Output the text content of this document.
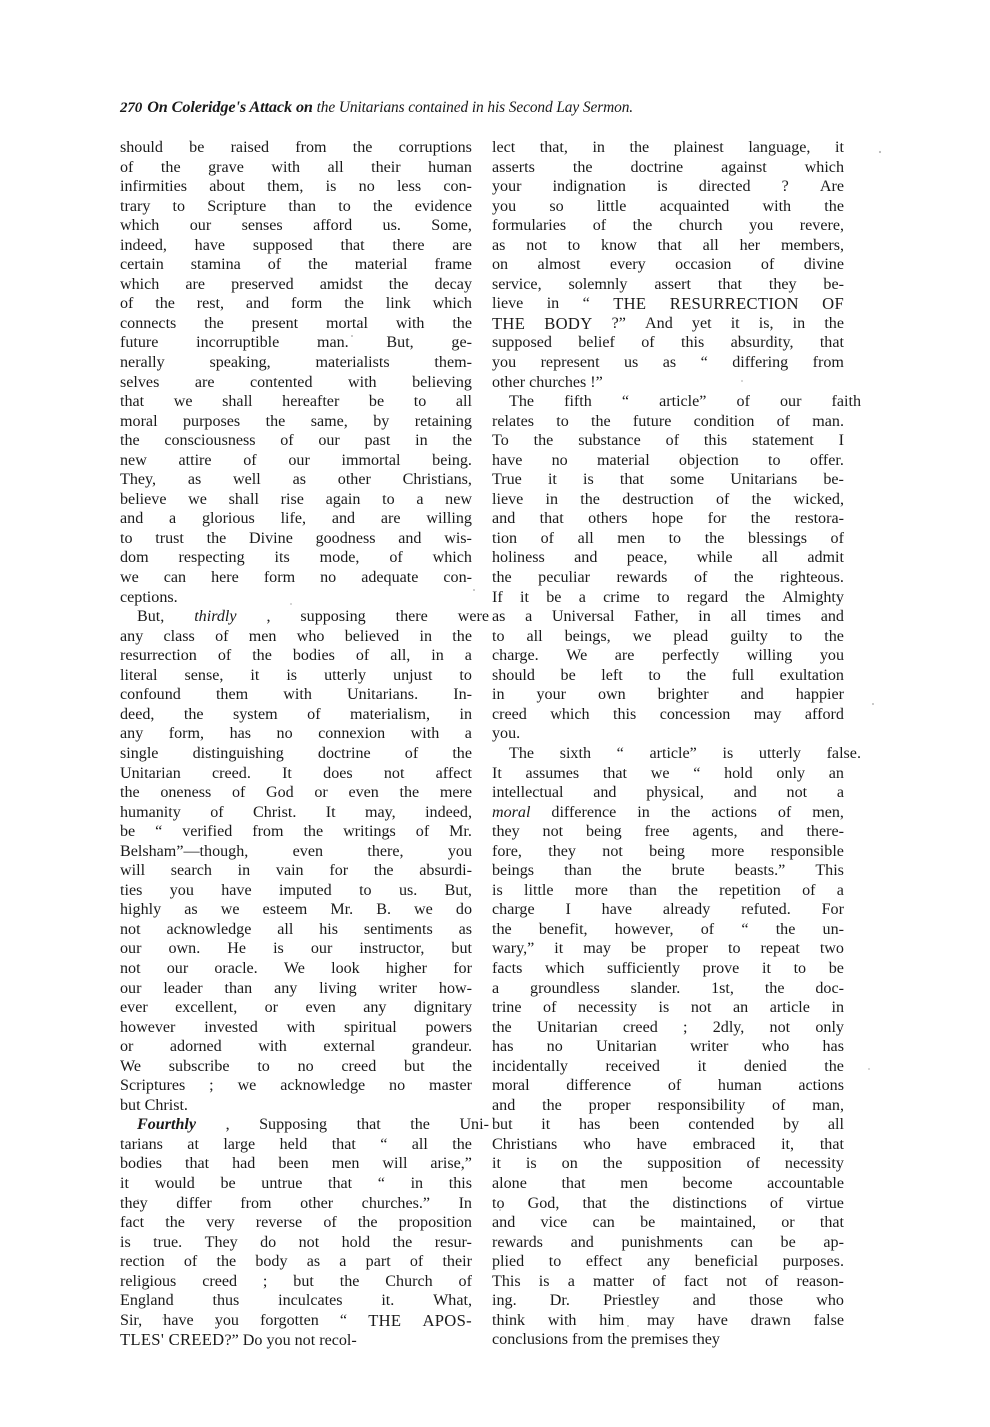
270 On Coleridge's Attack on the Unitarians contained in his Second Lay Sermon.
should be raised from the corruptions
of the grave with all their human
infirmities about them, is no less con-
trary to Scripture than to the evidence
which our senses afford us. Some,
indeed, have supposed that there are
certain stamina of the material frame
which are preserved amidst the decay
of the rest, and form the link which
connects the present mortal with the
future incorruptible man. But, ge-
nerally	speaking,	materialists	them-
selves are contented with believing
that we shall hereafter be to all
moral purposes the same, by retaining
the consciousness of our past in the
new attire of our immortal being.
They, as well as other Christians,
believe we shall rise again to a new
and a glorious life, and are willing
to trust the Divine goodness and wis-
dom respecting its mode, of which
we can here form no adequate con-
ceptions.
But, thirdly , supposing there were
any class of men who believed in the
resurrection of the bodies of all, in a
literal sense, it is utterly unjust to
confound them with Unitarians. In-
deed, the system of materialism, in
any form, has no connexion with a
single distinguishing doctrine of the
Unitarian creed. It does not affect
the oneness of God or even the mere
humanity of Christ. It may, indeed,
be “ verified from the writings of Mr.
Belsham”—though,	even	there,	you
will search in vain for the absurdi-
ties you have imputed to us. But,
highly as we esteem Mr. B. we do
not acknowledge all his sentiments as
our own. He is our instructor, but
not our oracle. We look higher for
our leader than any living writer how-
ever excellent, or even any dignitary
however invested with spiritual powers
or adorned with external grandeur.
We subscribe to no creed but the
Scriptures ; we acknowledge no master
but Christ.
Fourthly , Supposing that the Uni-
tarians at large held that “ all the
bodies that had been men will arise,”
it would be untrue that “ in this
they differ from other churches.” In
fact the very reverse of the proposition
is true. They do not hold the resur-
rection of the body as a part of their
religious creed ; but the Church of
England thus inculcates it. What,
Sir, have you forgotten “ THE APOS-
TLES' CREED?” Do you not recol-
lect that, in the plainest language, it
asserts the doctrine against which
your indignation is directed ? Are
you so little acquainted with the
formularies of the church you revere,
as not to know that all her members,
on almost every occasion of divine
service, solemnly assert that they be-
lieve in “ THE RESURRECTION OF
THE BODY ?” And yet it is, in the
supposed belief of this absurdity, that
you represent us as “ differing from
other churches !”
The fifth “ article” of our faith
relates to the future condition of man.
To the substance of this statement I
have no material objection to offer.
True it is that some Unitarians be-
lieve in the destruction of the wicked,
and that others hope for the restora-
tion of all men to the blessings of
holiness and peace, while all admit
the peculiar rewards of the righteous.
If it be a crime to regard the Almighty
as a Universal Father, in all times and
to all beings, we plead guilty to the
charge. We are perfectly willing you
should be left to the full exultation
in your own brighter and happier
creed which this concession may afford
you.
The sixth “ article” is utterly false.
It assumes that we “ hold only an
intellectual and physical, and not a
moral difference in the actions of men,
they not being free agents, and there-
fore, they not being more responsible
beings than the brute beasts.” This
is little more than the repetition of a
charge I have already refuted. For
the benefit, however, of “ the un-
wary,” it may be proper to repeat two
facts which sufficiently prove it to be
a groundless slander. 1st, the doc-
trine of necessity is not an article in
the Unitarian creed ; 2dly, not only
has no Unitarian writer who has
incidentally received it denied the
moral difference of human actions
and the proper responsibility of man,
but it has been contended by all
Christians who have embraced it, that
it is on the supposition of necessity
alone that men become accountable
to God, that the distinctions of virtue
and vice can be maintained, or that
rewards and punishments can be ap-
plied to effect any beneficial purposes.
This is a matter of fact not of reason-
ing. Dr. Priestley and those who
think with him may have drawn false
conclusions from the premises they
